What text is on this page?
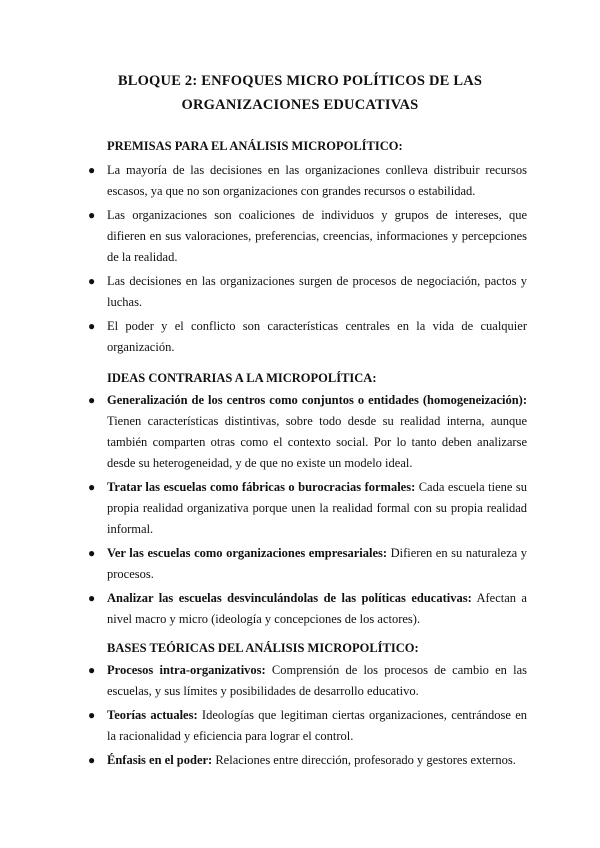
BLOQUE 2: ENFOQUES MICRO POLÍTICOS DE LAS
ORGANIZACIONES EDUCATIVAS
PREMISAS PARA EL ANÁLISIS MICROPOLÍTICO:
● La mayoría de las decisiones en las organizaciones conlleva distribuir recursos escasos, ya que no son organizaciones con grandes recursos o estabilidad.
● Las organizaciones son coaliciones de individuos y grupos de intereses, que difieren en sus valoraciones, preferencias, creencias, informaciones y percepciones de la realidad.
● Las decisiones en las organizaciones surgen de procesos de negociación, pactos y luchas.
● El poder y el conflicto son características centrales en la vida de cualquier organización.
IDEAS CONTRARIAS A LA MICROPOLÍTICA:
● Generalización de los centros como conjuntos o entidades (homogeneización): Tienen características distintivas, sobre todo desde su realidad interna, aunque también comparten otras como el contexto social. Por lo tanto deben analizarse desde su heterogeneidad, y de que no existe un modelo ideal.
● Tratar las escuelas como fábricas o burocracias formales: Cada escuela tiene su propia realidad organizativa porque unen la realidad formal con su propia realidad informal.
● Ver las escuelas como organizaciones empresariales: Difieren en su naturaleza y procesos.
● Analizar las escuelas desvinculándolas de las políticas educativas: Afectan a nivel macro y micro (ideología y concepciones de los actores).
BASES TEÓRICAS DEL ANÁLISIS MICROPOLÍTICO:
● Procesos intra-organizativos: Comprensión de los procesos de cambio en las escuelas, y sus límites y posibilidades de desarrollo educativo.
● Teorías actuales: Ideologías que legitiman ciertas organizaciones, centrándose en la racionalidad y eficiencia para lograr el control.
● Énfasis en el poder: Relaciones entre dirección, profesorado y gestores externos.
